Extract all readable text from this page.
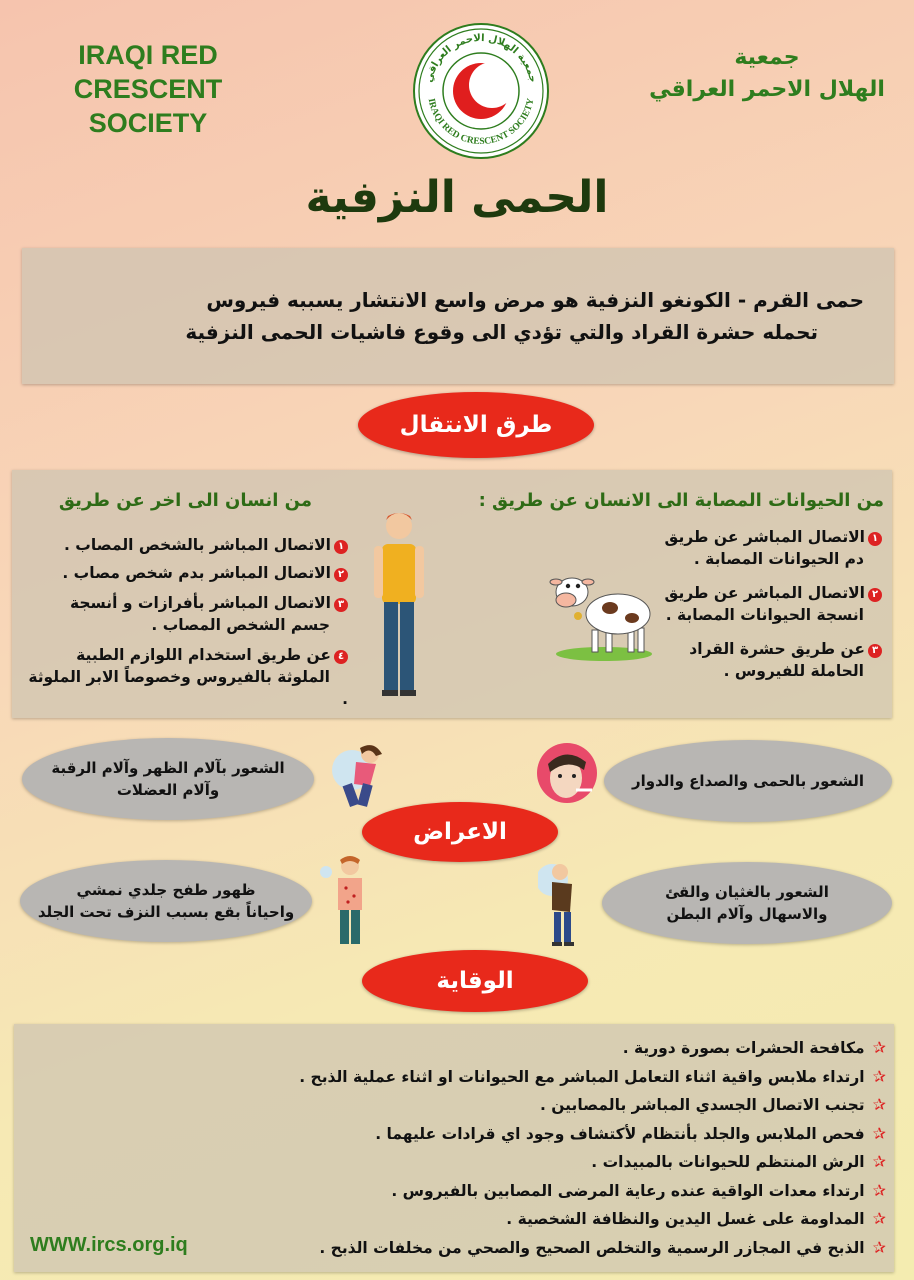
IRAQI RED
CRESCENT SOCIETY
جمعية الهلال الاحمر العراقي
IRAQI RED CRESCENT SOCIETY
جمعية
الهلال الاحمر العراقي
الحمى النزفية
حمى القرم - الكونغو النزفية هو مرض واسع الانتشار يسببه فيروس
تحمله حشرة القراد والتي تؤدي الى وقوع فاشيات الحمى النزفية
طرق الانتقال
من الحيوانات المصابة الى الانسان عن طريق :
١الاتصال المباشر عن طريق
دم الحيوانات المصابة .
٢الاتصال المباشر عن طريق
انسجة الحيوانات المصابة .
٣عن طريق حشرة القراد
الحاملة للفيروس .
من انسان الى اخر عن طريق
١الاتصال المباشر بالشخص المصاب .
٢الاتصال المباشر بدم شخص مصاب .
٣الاتصال المباشر بأفرازات و أنسجة
جسم الشخص المصاب .
٤عن طريق استخدام اللوازم الطبية
الملوثة بالفيروس وخصوصاً الابر الملوثة .
الشعور بالحمى والصداع والدوار
الشعور بآلام الظهر وآلام الرقبة
وآلام العضلات
الشعور بالغثيان والقئ
والاسهال وآلام البطن
ظهور طفح جلدي نمشي
واحياناً بقع بسبب النزف تحت الجلد
الاعراض
الوقاية
✰مكافحة الحشرات بصورة دورية .
✰ارتداء ملابس واقية اثناء التعامل المباشر مع الحيوانات او اثناء عملية الذبح .
✰تجنب الاتصال الجسدي المباشر بالمصابين .
✰فحص الملابس والجلد بأنتظام لأكتشاف وجود اي قرادات عليهما .
✰الرش المنتظم للحيوانات بالمبيدات .
✰ارتداء معدات الواقية عنده رعاية المرضى المصابين بالفيروس .
✰المداومة على غسل اليدين والنظافة الشخصية .
✰الذبح في المجازر الرسمية والتخلص الصحيح والصحي من مخلفات الذبح .
WWW.ircs.org.iq
